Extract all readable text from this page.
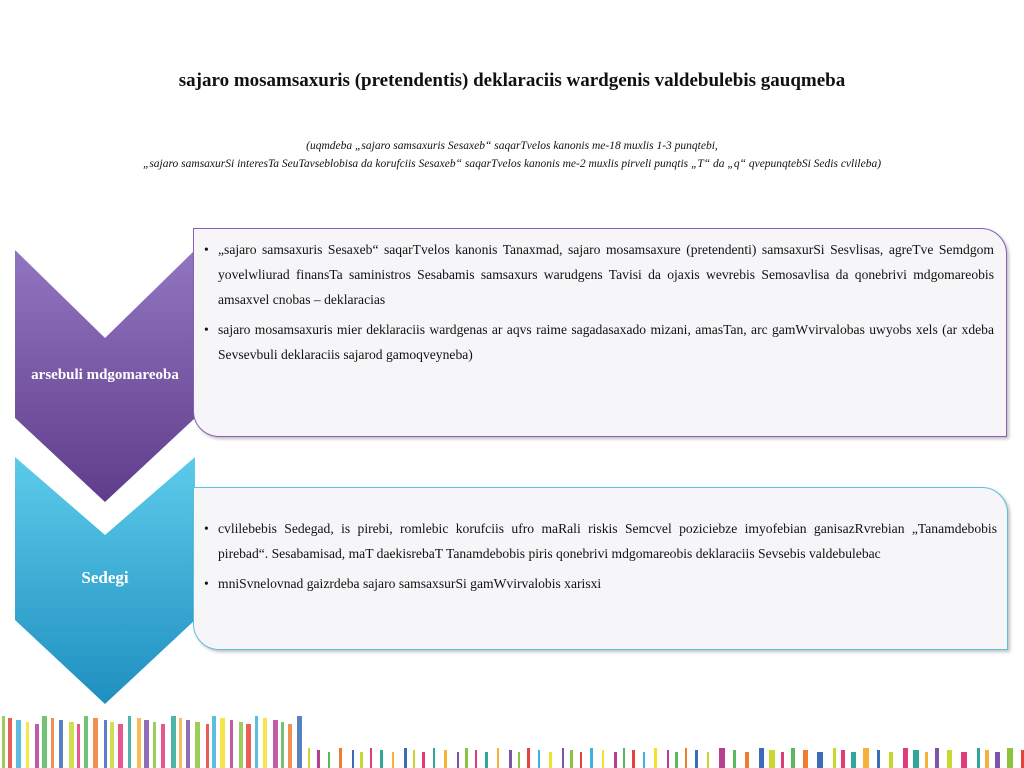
sajaro mosamsaxuris (pretendentis) deklaraciis wardgenis valdebulebis gauqmeba
(uqmdeba „sajaro samsaxuris Sesaxeb“ saqarTvelos kanonis me-18 muxlis 1-3 punqtebi,
„sajaro samsaxurSi interesTa SeuTavseblobisa da korufciis Sesaxeb“ saqarTvelos kanonis me-2 muxlis pirveli punqtis „T“ da „q“ qvepunqtebSi Sedis cvlileba)
arsebuli mdgomareoba
• „sajaro samsaxuris Sesaxeb“ saqarTvelos kanonis Tanaxmad, sajaro mosamsaxure (pretendenti) samsaxurSi Sesvlisas, agreTve Semdgom yovelwliurad finansTa saministros Sesabamis samsaxurs warudgens Tavisi da ojaxis wevrebis Semosavlisa da qonebrivi mdgomareobis amsaxvel cnobas – deklaracias
• sajaro mosamsaxuris mier deklaraciis wardgenas ar aqvs raime sagadasaxado mizani, amasTan, arc gamWvirvalobas uwyobs xels (ar xdeba Sevsevbuli deklaraciis sajarod gamoqveyneba)
Sedegi
• cvlilebebis Sedegad, is pirebi, romlebic korufciis ufro maRali riskis Semcvel poziciebze imyofebian ganisazRvrebian „Tanamdebobis pirebad“. Sesabamisad, maT daekisrebaT Tanamdebobis piris qonebrivi mdgomareobis deklaraciis Sevsebis valdebulebac
• mniSvnelovnad gaizrdeba sajaro samsaxsurSi gamWvirvalobis xarisxi
